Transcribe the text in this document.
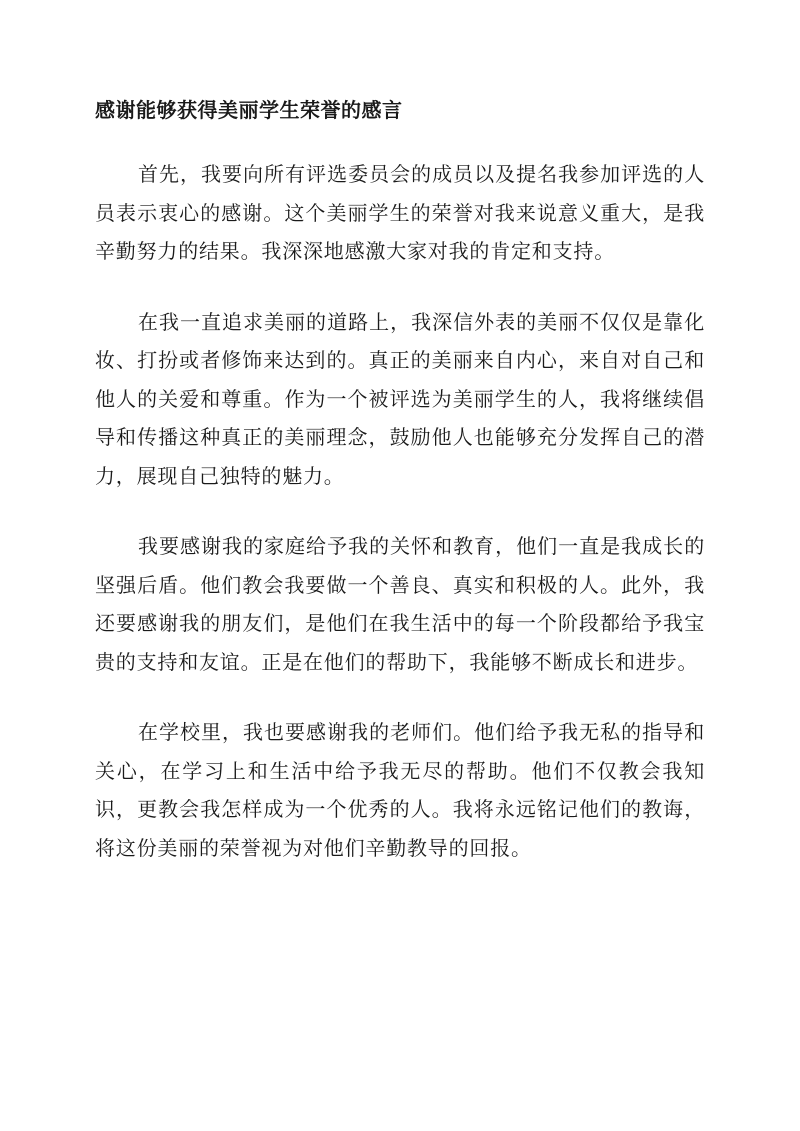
感谢能够获得美丽学生荣誉的感言

首先，我要向所有评选委员会的成员以及提名我参加评选的人员表示衷心的感谢。这个美丽学生的荣誉对我来说意义重大，是我辛勤努力的结果。我深深地感激大家对我的肯定和支持。

在我一直追求美丽的道路上，我深信外表的美丽不仅仅是靠化妆、打扮或者修饰来达到的。真正的美丽来自内心，来自对自己和他人的关爱和尊重。作为一个被评选为美丽学生的人，我将继续倡导和传播这种真正的美丽理念，鼓励他人也能够充分发挥自己的潜力，展现自己独特的魅力。

我要感谢我的家庭给予我的关怀和教育，他们一直是我成长的坚强后盾。他们教会我要做一个善良、真实和积极的人。此外，我还要感谢我的朋友们，是他们在我生活中的每一个阶段都给予我宝贵的支持和友谊。正是在他们的帮助下，我能够不断成长和进步。

在学校里，我也要感谢我的老师们。他们给予我无私的指导和关心，在学习上和生活中给予我无尽的帮助。他们不仅教会我知识，更教会我怎样成为一个优秀的人。我将永远铭记他们的教诲，将这份美丽的荣誉视为对他们辛勤教导的回报。
